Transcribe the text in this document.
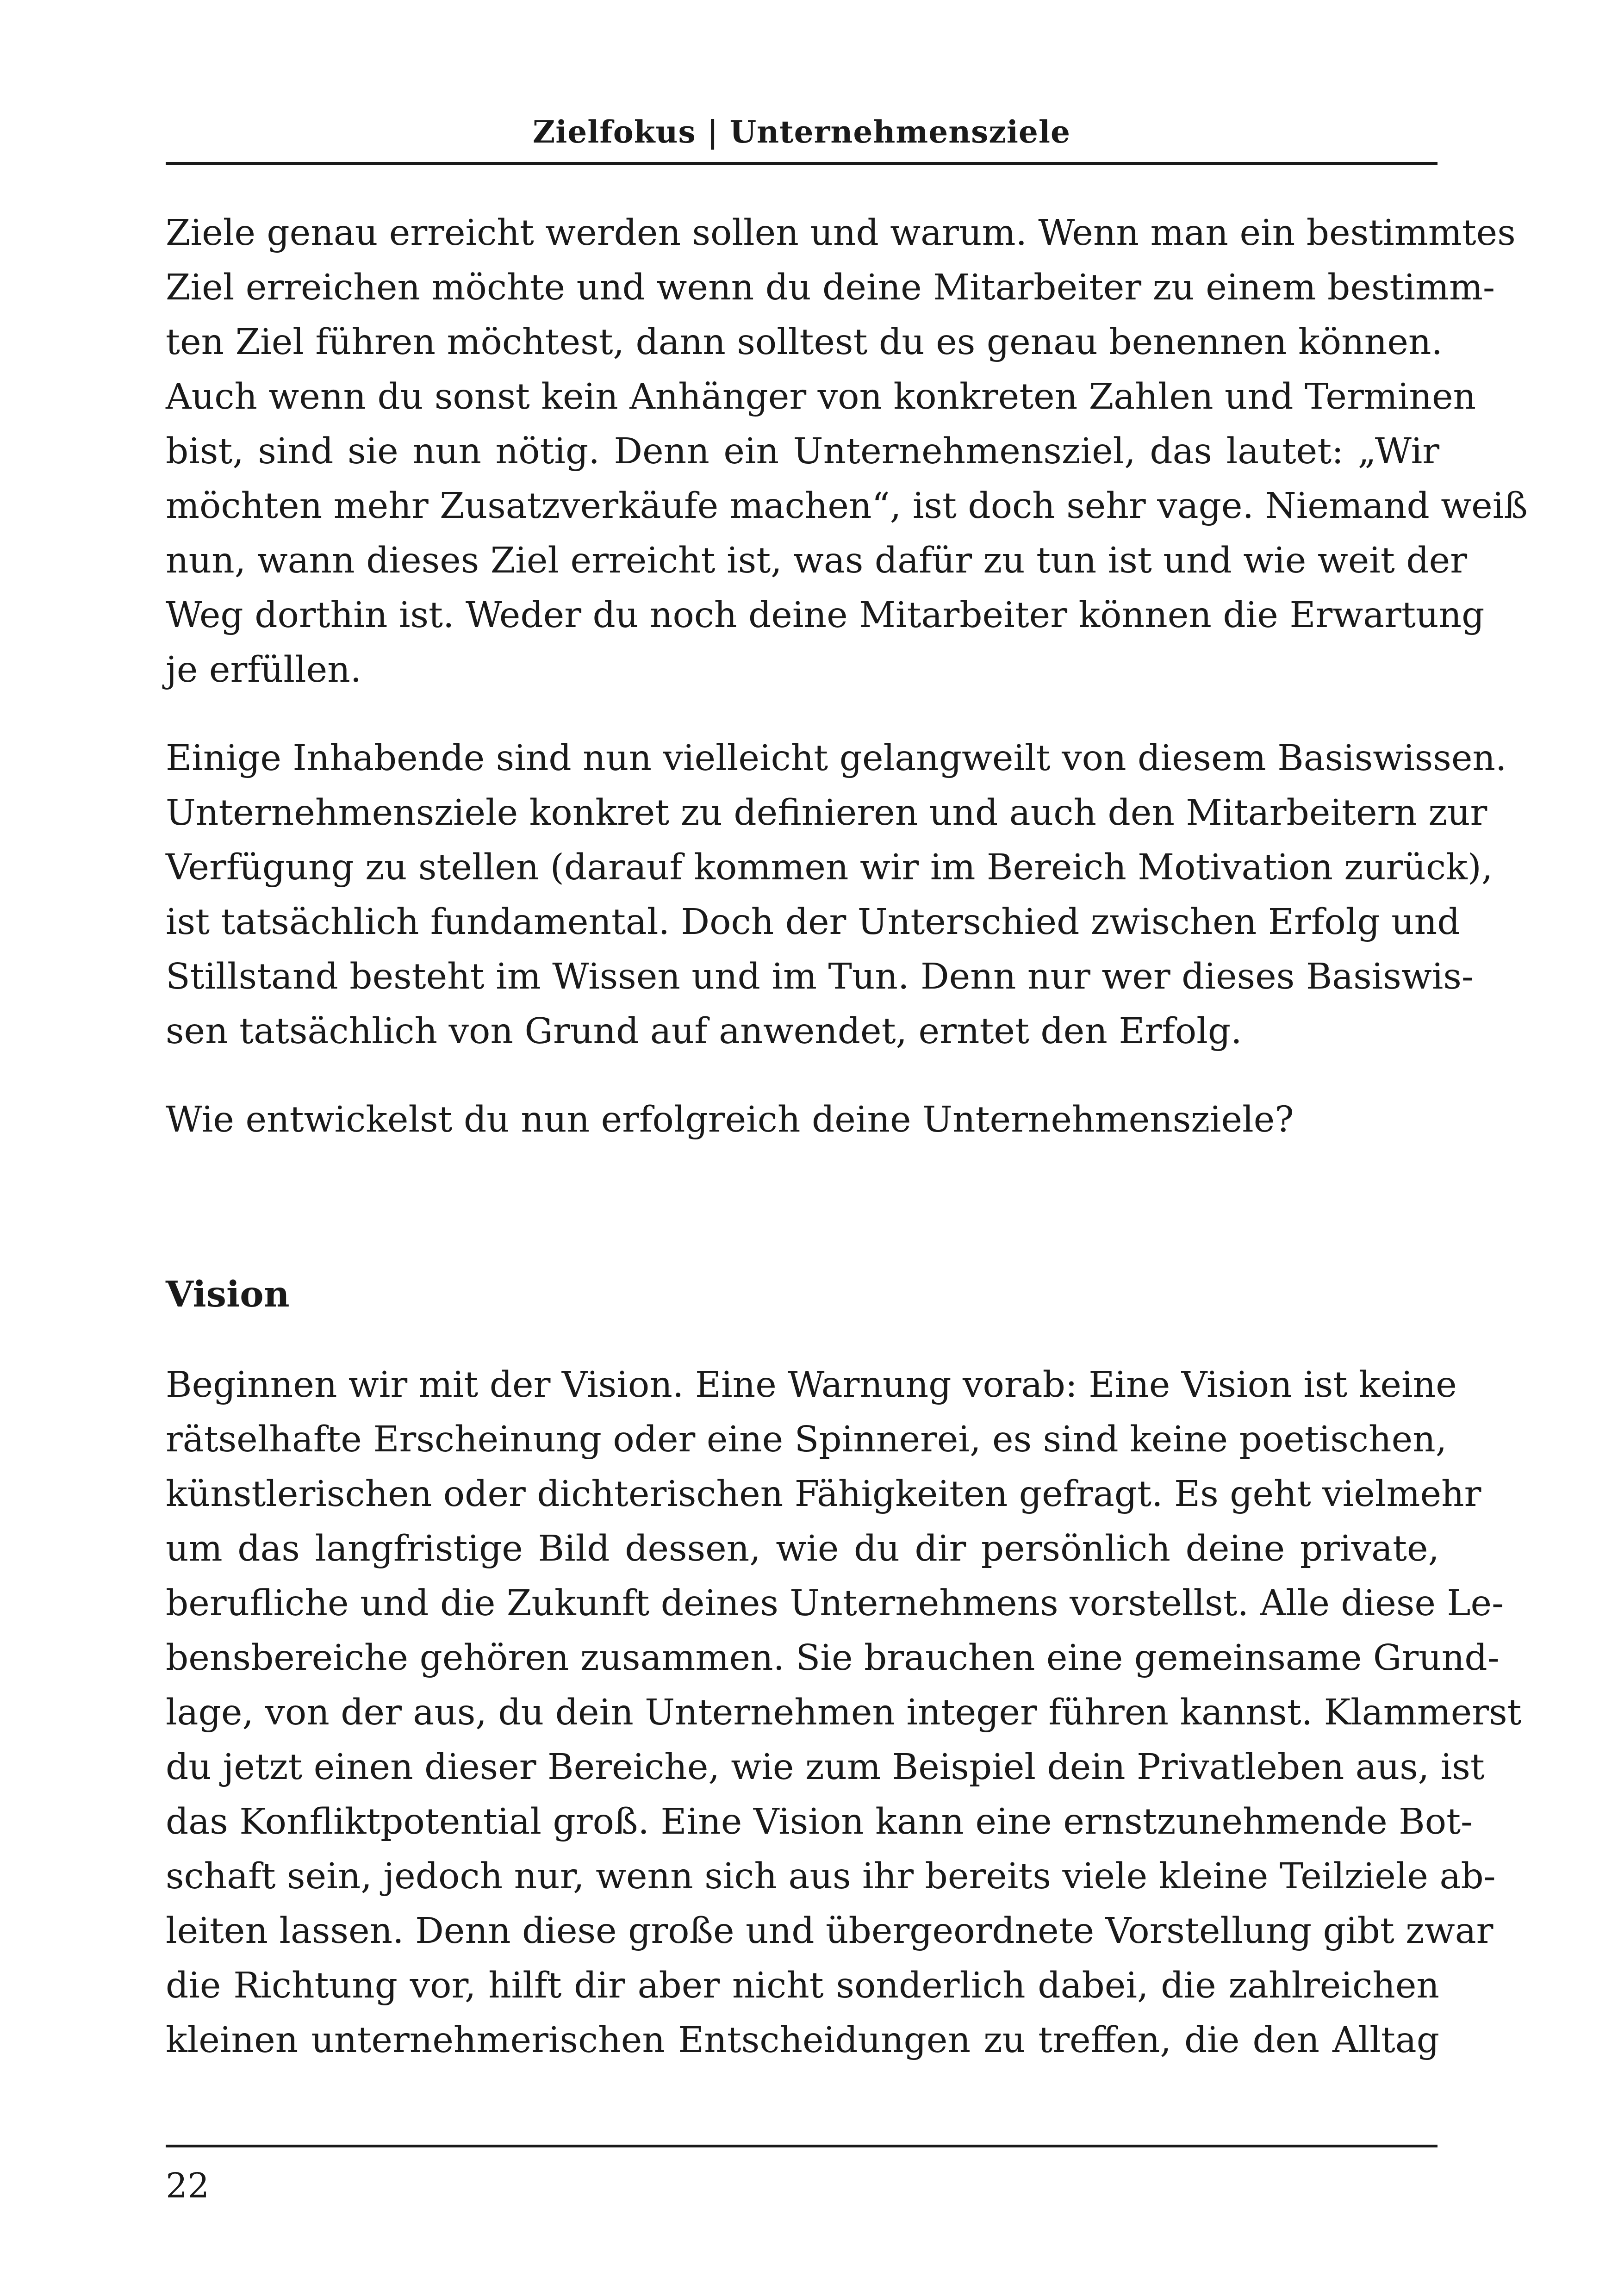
Zielfokus | Unternehmensziele
Ziele genau erreicht werden sollen und warum. Wenn man ein bestimmtes
Ziel erreichen möchte und wenn du deine Mitarbeiter zu einem bestimm-
ten Ziel führen möchtest, dann solltest du es genau benennen können.
Auch wenn du sonst kein Anhänger von konkreten Zahlen und Terminen
bist, sind sie nun nötig. Denn ein Unternehmensziel, das lautet: „Wir
möchten mehr Zusatzverkäufe machen“, ist doch sehr vage. Niemand weiß
nun, wann dieses Ziel erreicht ist, was dafür zu tun ist und wie weit der
Weg dorthin ist. Weder du noch deine Mitarbeiter können die Erwartung
je erfüllen.
Einige Inhabende sind nun vielleicht gelangweilt von diesem Basiswissen.
Unternehmensziele konkret zu definieren und auch den Mitarbeitern zur
Verfügung zu stellen (darauf kommen wir im Bereich Motivation zurück),
ist tatsächlich fundamental. Doch der Unterschied zwischen Erfolg und
Stillstand besteht im Wissen und im Tun. Denn nur wer dieses Basiswis-
sen tatsächlich von Grund auf anwendet, erntet den Erfolg.
Wie entwickelst du nun erfolgreich deine Unternehmensziele?
Vision
Beginnen wir mit der Vision. Eine Warnung vorab: Eine Vision ist keine
rätselhafte Erscheinung oder eine Spinnerei, es sind keine poetischen,
künstlerischen oder dichterischen Fähigkeiten gefragt. Es geht vielmehr
um das langfristige Bild dessen, wie du dir persönlich deine private,
berufliche und die Zukunft deines Unternehmens vorstellst. Alle diese Le-
bensbereiche gehören zusammen. Sie brauchen eine gemeinsame Grund-
lage, von der aus, du dein Unternehmen integer führen kannst. Klammerst
du jetzt einen dieser Bereiche, wie zum Beispiel dein Privatleben aus, ist
das Konfliktpotential groß. Eine Vision kann eine ernstzunehmende Bot-
schaft sein, jedoch nur, wenn sich aus ihr bereits viele kleine Teilziele ab-
leiten lassen. Denn diese große und übergeordnete Vorstellung gibt zwar
die Richtung vor, hilft dir aber nicht sonderlich dabei, die zahlreichen
kleinen unternehmerischen Entscheidungen zu treffen, die den Alltag
22
